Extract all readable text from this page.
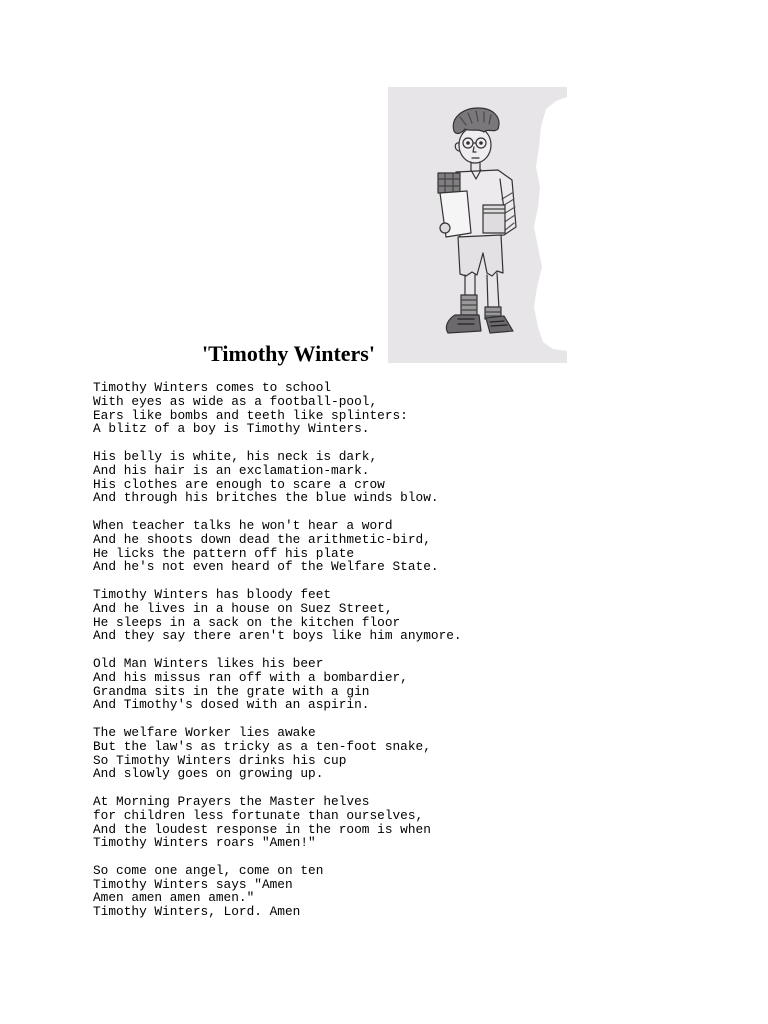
'Timothy Winters'
Timothy Winters comes to school
With eyes as wide as a football-pool,
Ears like bombs and teeth like splinters:
A blitz of a boy is Timothy Winters.
His belly is white, his neck is dark,
And his hair is an exclamation-mark.
His clothes are enough to scare a crow
And through his britches the blue winds blow.
When teacher talks he won't hear a word
And he shoots down dead the arithmetic-bird,
He licks the pattern off his plate
And he's not even heard of the Welfare State.
Timothy Winters has bloody feet
And he lives in a house on Suez Street,
He sleeps in a sack on the kitchen floor
And they say there aren't boys like him anymore.
Old Man Winters likes his beer
And his missus ran off with a bombardier,
Grandma sits in the grate with a gin
And Timothy's dosed with an aspirin.
The welfare Worker lies awake
But the law's as tricky as a ten-foot snake,
So Timothy Winters drinks his cup
And slowly goes on growing up.
At Morning Prayers the Master helves
for children less fortunate than ourselves,
And the loudest response in the room is when
Timothy Winters roars "Amen!"
So come one angel, come on ten
Timothy Winters says "Amen
Amen amen amen amen."
Timothy Winters, Lord. Amen
